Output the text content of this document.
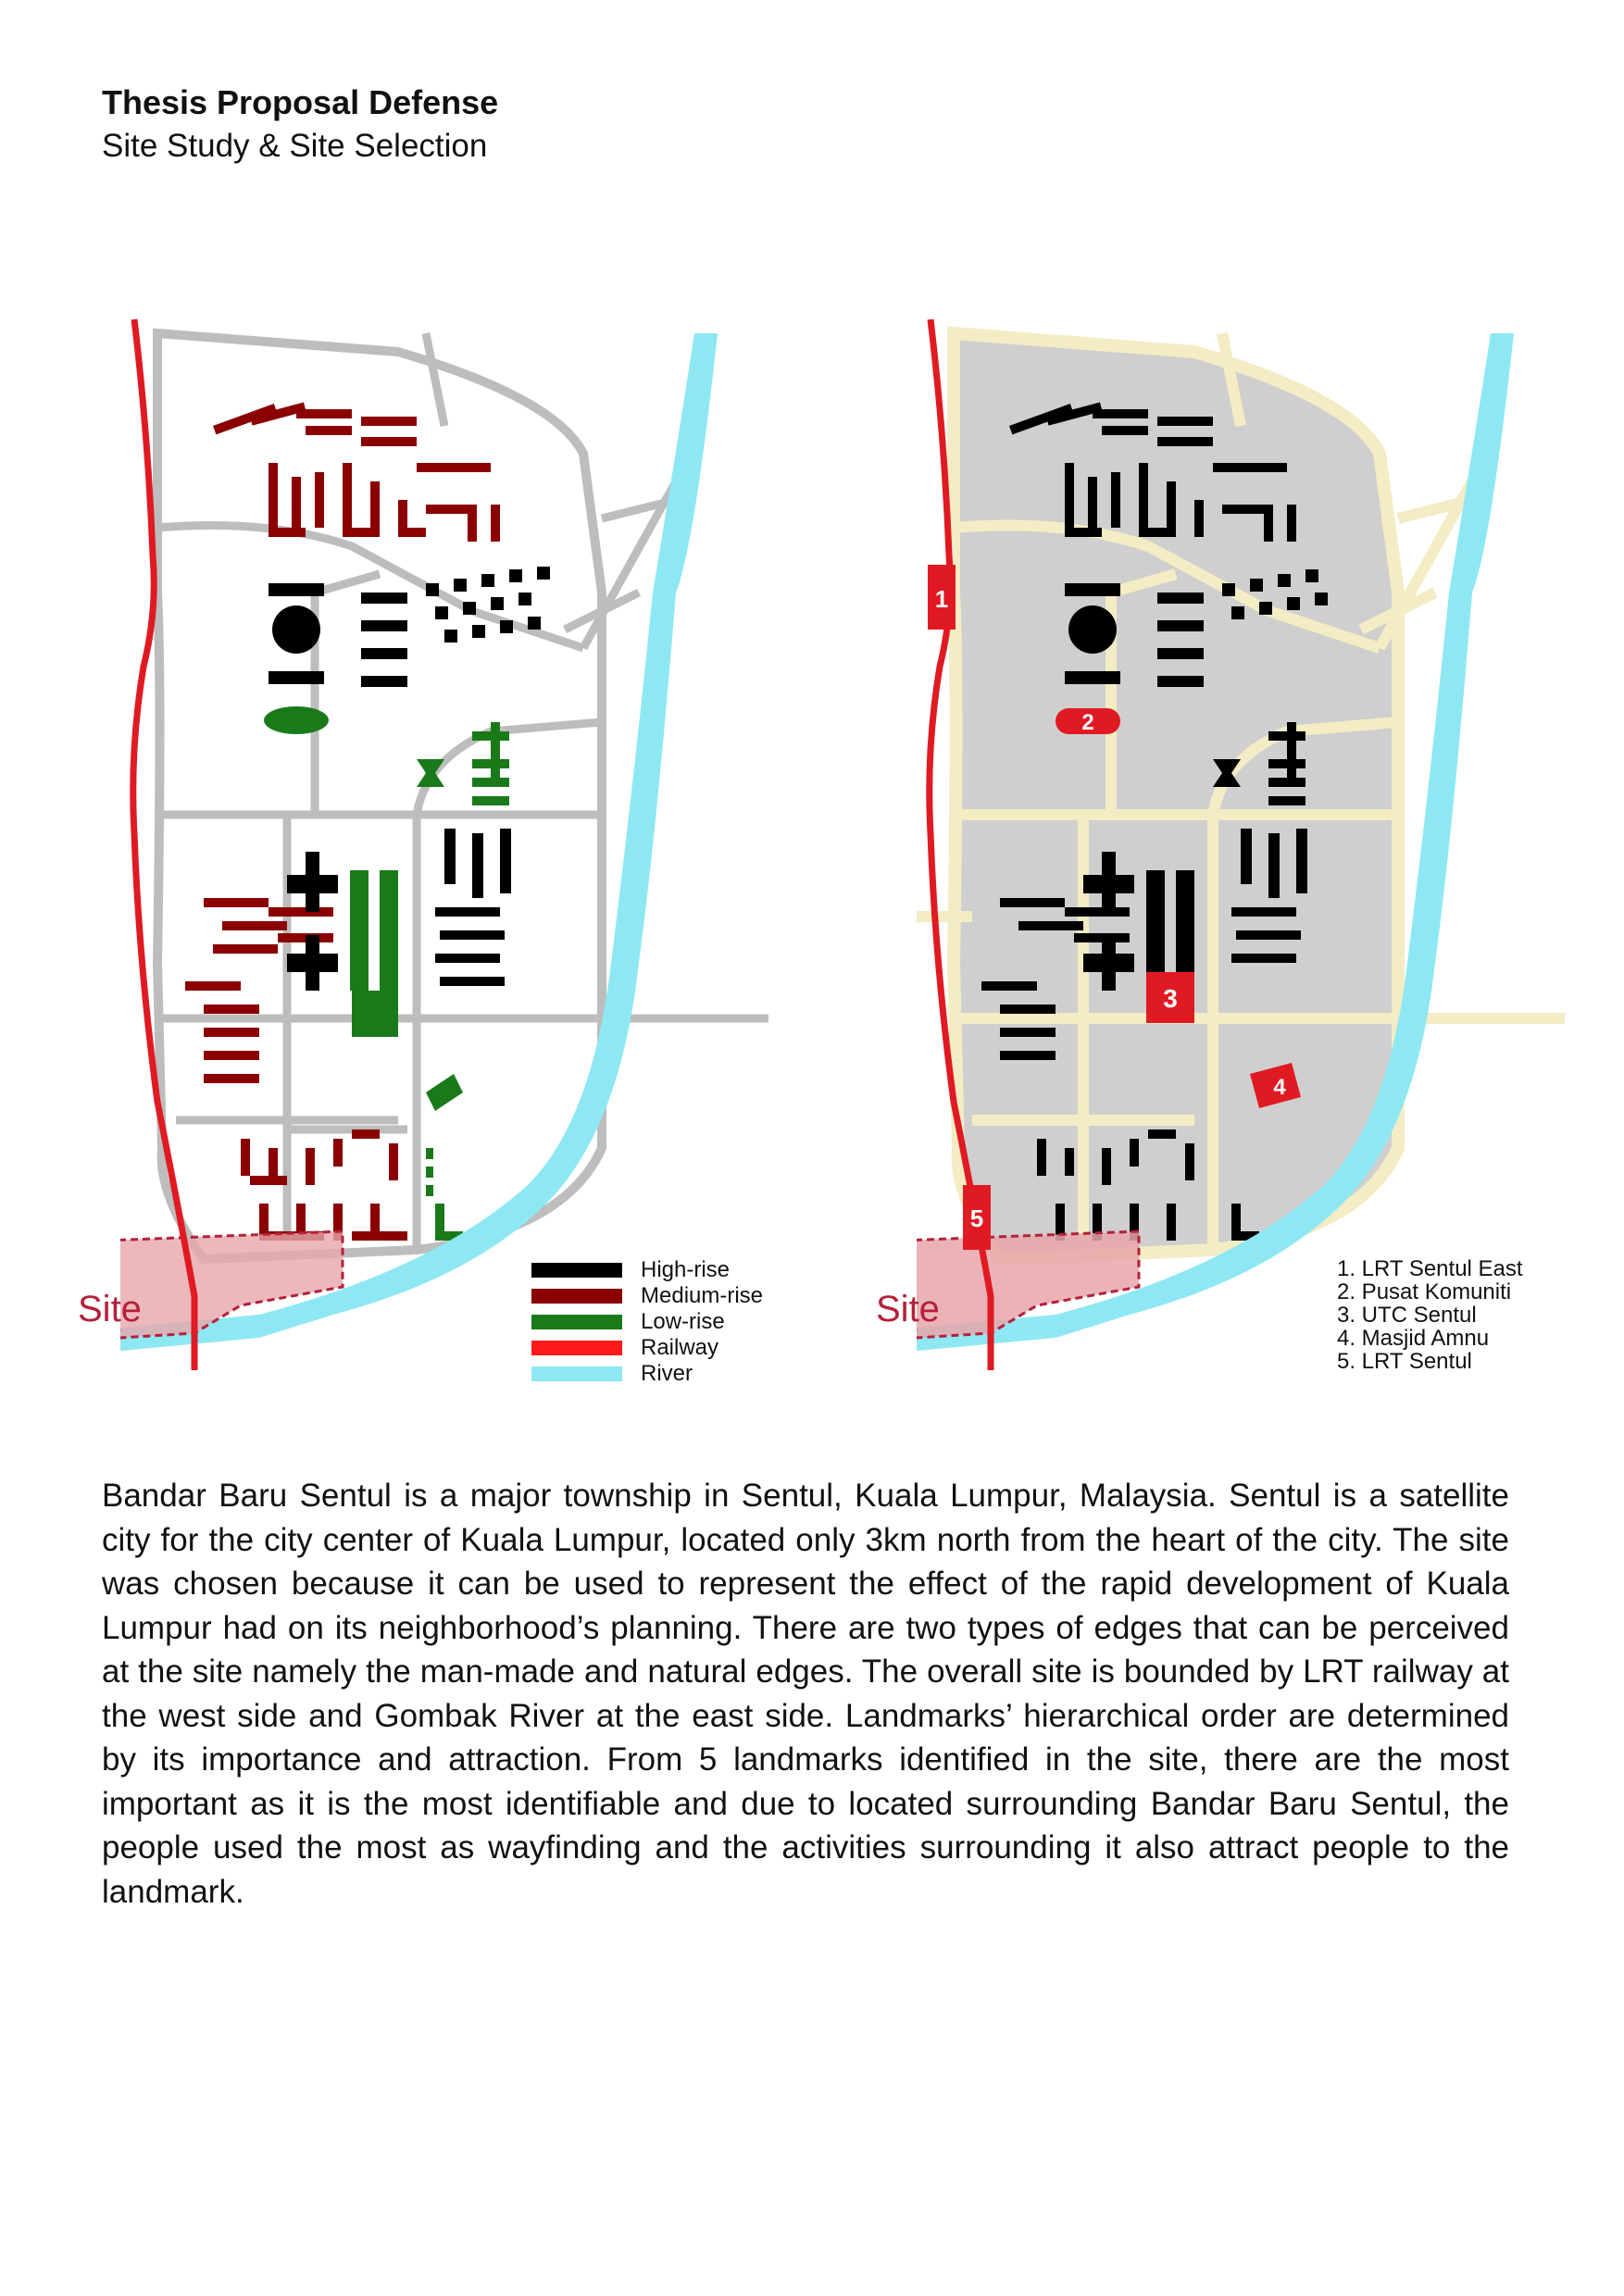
Thesis Proposal Defense

Site Study & Site Selection

Site
High-rise
Medium-rise
Low-rise
Railway
River
1
2
3
4
5
Site
1. LRT Sentul East
2. Pusat Komuniti
3. UTC Sentul
4. Masjid Amnu
5. LRT Sentul

Bandar Baru Sentul is a major township in Sentul, Kuala Lumpur, Malaysia. Sentul is a satellite city for the city center of Kuala Lumpur, located only 3km north from the heart of the city. The site was chosen because it can be used to represent the effect of the rapid development of Kuala Lumpur had on its neighborhood’s planning. There are two types of edges that can be perceived at the site namely the man-made and natural edges. The overall site is bounded by LRT railway at the west side and Gombak River at the east side. Landmarks’ hierarchical order are determined by its importance and attraction. From 5 landmarks identified in the site, there are the most important as it is the most identifiable and due to located surrounding Bandar Baru Sentul, the people used the most as wayfinding and the activities surrounding it also attract people to the landmark.
